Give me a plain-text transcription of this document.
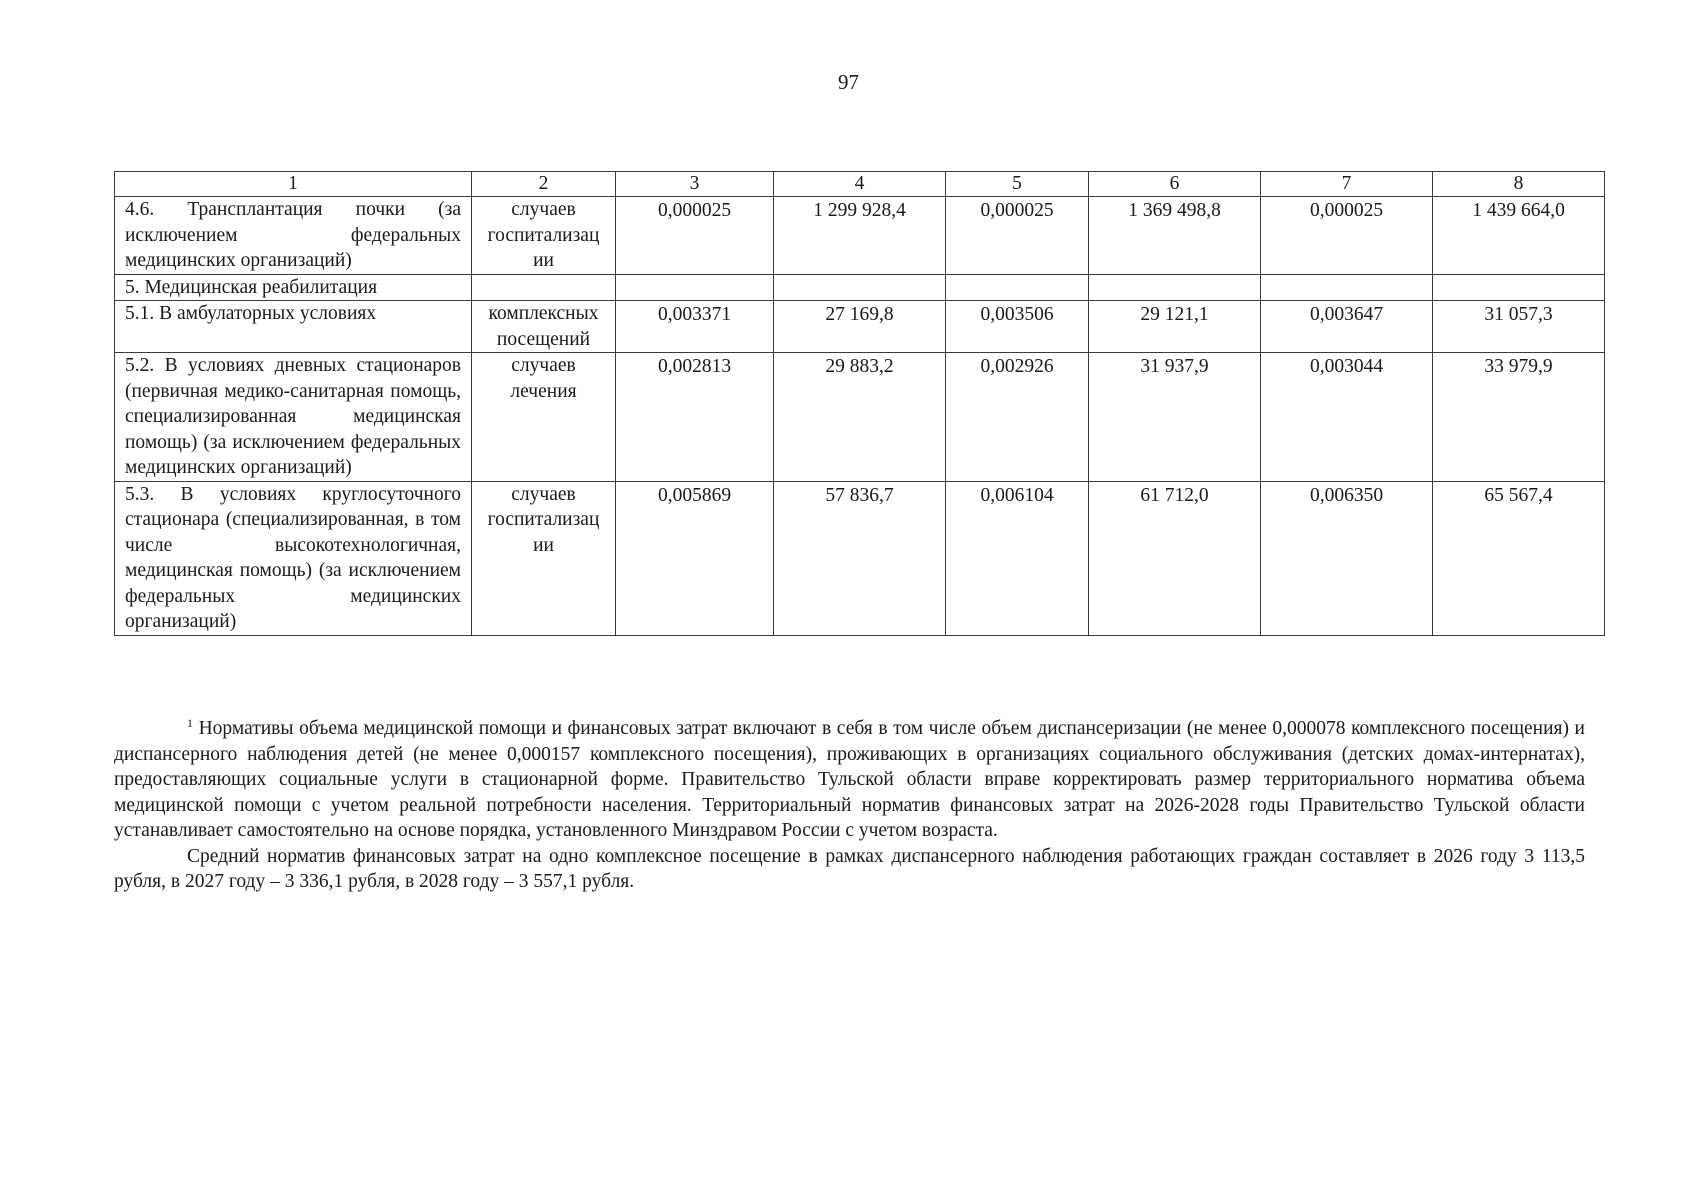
97
1	2	3	4	5	6	7	8
4.6. Трансплантация почки (за исключением федеральных медицинских организаций)	случаев госпитализац ии	0,000025	1 299 928,4	0,000025	1 369 498,8	0,000025	1 439 664,0
5. Медицинская реабилитация							
5.1. В амбулаторных условиях	комплексных посещений	0,003371	27 169,8	0,003506	29 121,1	0,003647	31 057,3
5.2. В условиях дневных стационаров (первичная медико-санитарная помощь, специализированная медицинская помощь) (за исключением федеральных медицинских организаций)	случаев лечения	0,002813	29 883,2	0,002926	31 937,9	0,003044	33 979,9
5.3. В условиях круглосуточного стационара (специализированная, в том числе высокотехнологичная, медицинская помощь) (за исключением федеральных медицинских организаций)	случаев госпитализац ии	0,005869	57 836,7	0,006104	61 712,0	0,006350	65 567,4

$^1$ Нормативы объема медицинской помощи и финансовых затрат включают в себя в том числе объем диспансеризации (не менее 0,000078 комплексного посещения) и диспансерного наблюдения детей (не менее 0,000157 комплексного посещения), проживающих в организациях социального обслуживания (детских домах-интернатах), предоставляющих социальные услуги в стационарной форме. Правительство Тульской области вправе корректировать размер территориального норматива объема медицинской помощи с учетом реальной потребности населения. Территориальный норматив финансовых затрат на 2026-2028 годы Правительство Тульской области устанавливает самостоятельно на основе порядка, установленного Минздравом России с учетом возраста.

Средний норматив финансовых затрат на одно комплексное посещение в рамках диспансерного наблюдения работающих граждан составляет в 2026 году 3 113,5 рубля, в 2027 году – 3 336,1 рубля, в 2028 году – 3 557,1 рубля.
